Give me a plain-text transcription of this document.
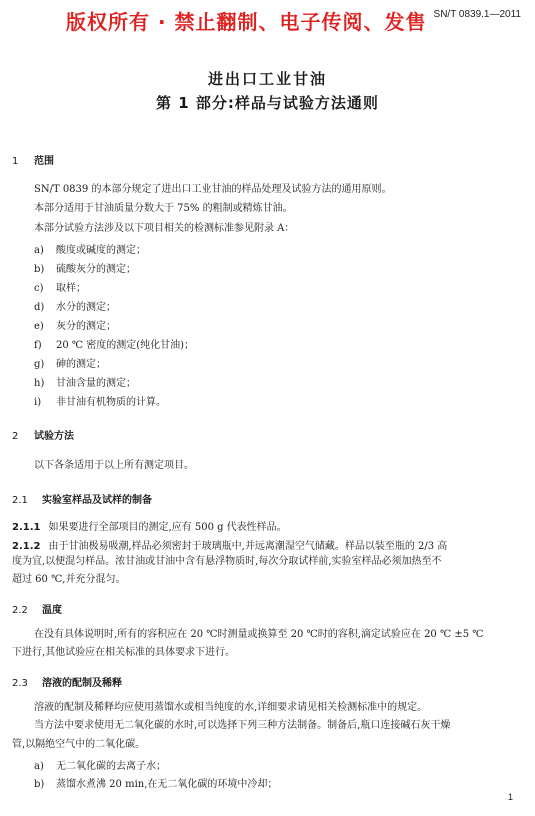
版权所有 · 禁止翻制、电子传阅、发售 SN/T 0839.1—2011
进出口工业甘油
第 1 部分:样品与试验方法通则
1 范围
SN/T 0839 的本部分规定了进出口工业甘油的样品处理及试验方法的通用原则。
本部分适用于甘油质量分数大于 75% 的粗制或精炼甘油。
本部分试验方法涉及以下项目相关的检测标准参见附录 A：
a) 酸度或碱度的测定；
b) 硫酸灰分的测定；
c) 取样；
d) 水分的测定；
e) 灰分的测定；
f) 20 ℃ 密度的测定(纯化甘油)；
g) 砷的测定；
h) 甘油含量的测定；
i) 非甘油有机物质的计算。
2 试验方法
以下各条适用于以上所有测定项目。
2.1 实验室样品及试样的制备
2.1.1 如果要进行全部项目的测定,应有 500 g 代表性样品。
2.1.2 由于甘油极易吸潮,样品必须密封于玻璃瓶中,并远离潮湿空气储藏。样品以装至瓶的 2/3 高
度为宜,以便混匀样品。浓甘油或甘油中含有悬浮物质时,每次分取试样前,实验室样品必须加热至不
超过 60 ℃,并充分混匀。
2.2 温度
在没有具体说明时,所有的容积应在 20 ℃时测量或换算至 20 ℃时的容积,滴定试验应在 20 ℃ ±5 ℃
下进行,其他试验应在相关标准的具体要求下进行。
2.3 溶液的配制及稀释
溶液的配制及稀释均应使用蒸馏水或相当纯度的水,详细要求请见相关检测标准中的规定。
当方法中要求使用无二氧化碳的水时,可以选择下列三种方法制备。制备后,瓶口连接碱石灰干燥
管,以隔绝空气中的二氧化碳。
a) 无二氧化碳的去离子水；
b) 蒸馏水煮沸 20 min,在无二氧化碳的环境中冷却；
1
